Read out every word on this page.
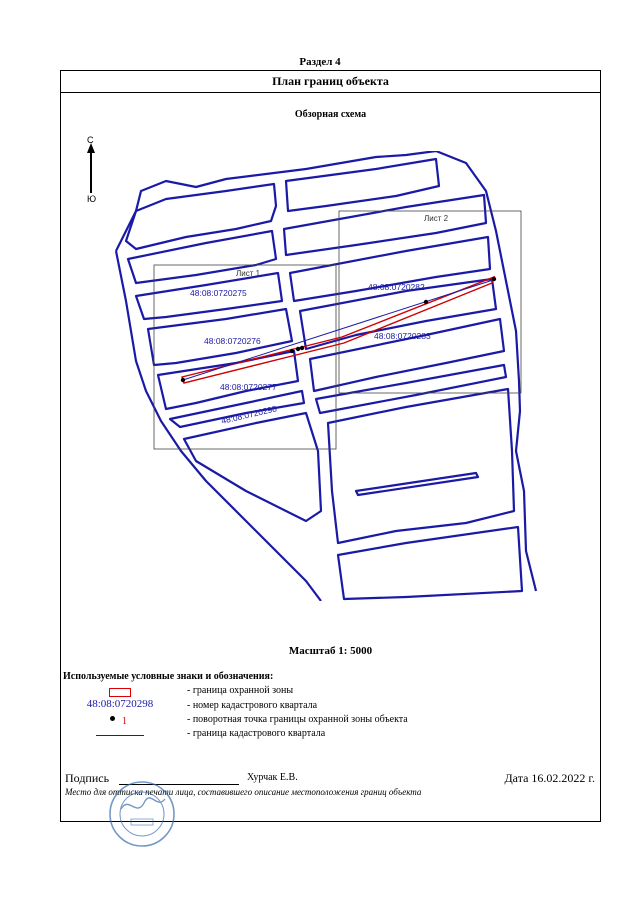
Раздел 4
План границ объекта
Обзорная схема
С
Ю
Лист 1
Лист 2
48:08:0720275
48:08:0720276
48:08:0720277
48:08:0720298
48:08:0720282
48:08:0720283
Масштаб 1: 5000
Используемые условные знаки и обозначения:
- граница охранной зоны
48:08:0720298	- номер кадастрового квартала
1	- поворотная точка границы охранной зоны объекта
- граница кадастрового квартала
Подпись	Хурчак Е.В.	Дата 16.02.2022 г.
Место для оттиска печати лица, составившего описание местоположения границ объекта
